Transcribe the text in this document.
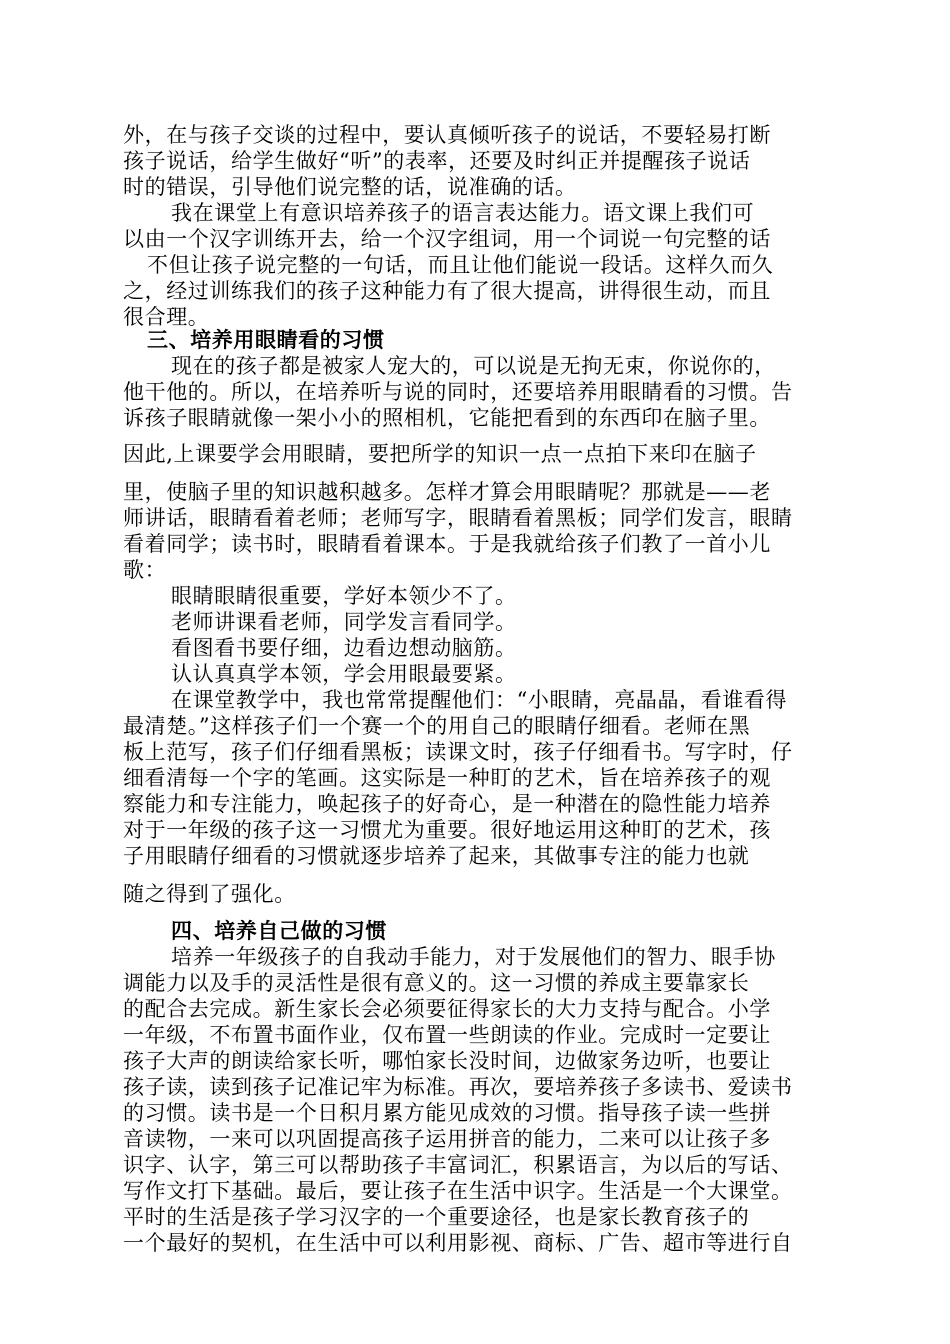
外，在与孩子交谈的过程中，要认真倾听孩子的说话，不要轻易打断
孩子说话，给学生做好“听”的表率，还要及时纠正并提醒孩子说话
时的错误，引导他们说完整的话，说准确的话。
我在课堂上有意识培养孩子的语言表达能力。语文课上我们可
以由一个汉字训练开去，给一个汉字组词，用一个词说一句完整的话
不但让孩子说完整的一句话，而且让他们能说一段话。这样久而久
之，经过训练我们的孩子这种能力有了很大提高，讲得很生动，而且
很合理。
三、培养用眼睛看的习惯
现在的孩子都是被家人宠大的，可以说是无拘无束，你说你的，
他干他的。所以，在培养听与说的同时，还要培养用眼睛看的习惯。告
诉孩子眼睛就像一架小小的照相机，它能把看到的东西印在脑子里。
因此,上课要学会用眼睛，要把所学的知识一点一点拍下来印在脑子
里，使脑子里的知识越积越多。怎样才算会用眼睛呢？那就是——老
师讲话，眼睛看着老师；老师写字，眼睛看着黑板；同学们发言，眼睛
看着同学；读书时，眼睛看着课本。于是我就给孩子们教了一首小儿
歌：
眼睛眼睛很重要，学好本领少不了。
老师讲课看老师，同学发言看同学。
看图看书要仔细，边看边想动脑筋。
认认真真学本领，学会用眼最要紧。
在课堂教学中，我也常常提醒他们：“小眼睛，亮晶晶，看谁看得
最清楚。”这样孩子们一个赛一个的用自己的眼睛仔细看。老师在黑
板上范写，孩子们仔细看黑板；读课文时，孩子仔细看书。写字时，仔
细看清每一个字的笔画。这实际是一种盯的艺术，旨在培养孩子的观
察能力和专注能力，唤起孩子的好奇心，是一种潜在的隐性能力培养
对于一年级的孩子这一习惯尤为重要。很好地运用这种盯的艺术，孩
子用眼睛仔细看的习惯就逐步培养了起来，其做事专注的能力也就
随之得到了强化。
四、培养自己做的习惯
培养一年级孩子的自我动手能力，对于发展他们的智力、眼手协
调能力以及手的灵活性是很有意义的。这一习惯的养成主要靠家长
的配合去完成。新生家长会必须要征得家长的大力支持与配合。小学
一年级，不布置书面作业，仅布置一些朗读的作业。完成时一定要让
孩子大声的朗读给家长听，哪怕家长没时间，边做家务边听，也要让
孩子读，读到孩子记准记牢为标准。再次，要培养孩子多读书、爱读书
的习惯。读书是一个日积月累方能见成效的习惯。指导孩子读一些拼
音读物，一来可以巩固提高孩子运用拼音的能力，二来可以让孩子多
识字、认字，第三可以帮助孩子丰富词汇，积累语言，为以后的写话、
写作文打下基础。最后，要让孩子在生活中识字。生活是一个大课堂。
平时的生活是孩子学习汉字的一个重要途径，也是家长教育孩子的
一个最好的契机，在生活中可以利用影视、商标、广告、超市等进行自
